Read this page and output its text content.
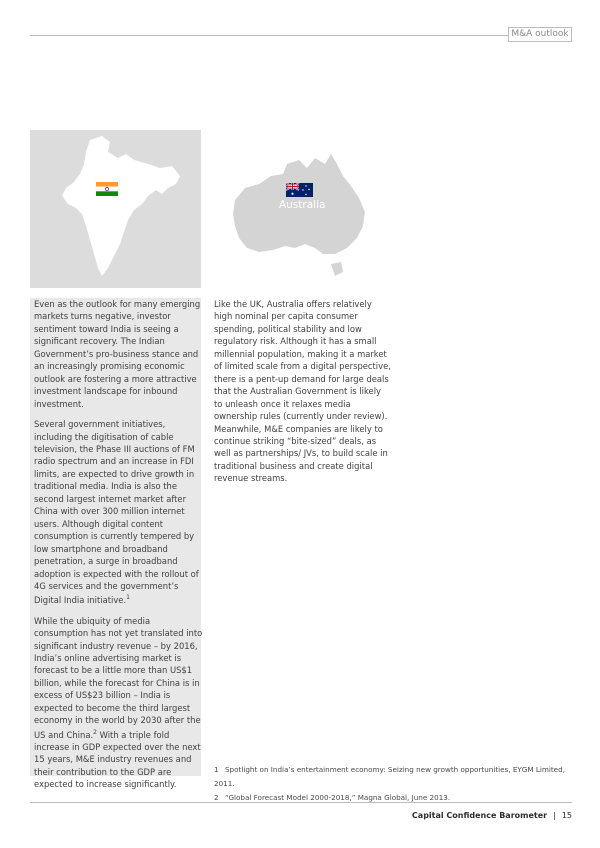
M&A outlook
India	Australia

Even as the outlook for many emerging markets turns negative, investor sentiment toward India is seeing a significant recovery. The Indian Government’s pro-business stance and an increasingly promising economic outlook are fostering a more attractive investment landscape for inbound investment.

Several government initiatives, including the digitisation of cable television, the Phase III auctions of FM radio spectrum and an increase in FDI limits, are expected to drive growth in traditional media. India is also the second largest internet market after China with over 300 million internet users. Although digital content consumption is currently tempered by low smartphone and broadband penetration, a surge in broadband adoption is expected with the rollout of 4G services and the government’s Digital India initiative.$^1$

While the ubiquity of media consumption has not yet translated into significant industry revenue – by 2016, India’s online advertising market is forecast to be a little more than US$1 billion, while the forecast for China is in excess of US$23 billion – India is expected to become the third largest economy in the world by 2030 after the US and China.$^2$ With a triple fold increase in GDP expected over the next 15 years, M&E industry revenues and their contribution to the GDP are expected to increase significantly.

Like the UK, Australia offers relatively high nominal per capita consumer spending, political stability and low regulatory risk. Although it has a small millennial population, making it a market of limited scale from a digital perspective, there is a pent-up demand for large deals that the Australian Government is likely to unleash once it relaxes media ownership rules (currently under review). Meanwhile, M&E companies are likely to continue striking “bite-sized” deals, as well as partnerships/ JVs, to build scale in traditional business and create digital revenue streams.

1 Spotlight on India’s entertainment economy: Seizing new growth opportunities, EYGM Limited, 2011.
2 “Global Forecast Model 2000-2018,” Magna Global, June 2013.
Capital Confidence Barometer | 15
